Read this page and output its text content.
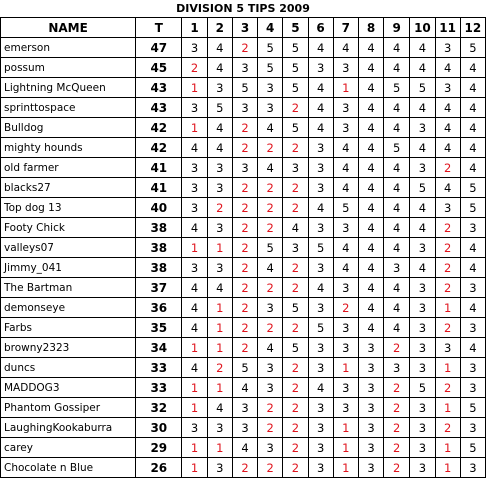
DIVISION 5 TIPS 2009
NAME	T	1	2	3	4	5	6	7	8	9	10	11	12
emerson	47	3	4	2	5	5	4	4	4	4	4	3	5
possum	45	2	4	3	5	5	3	3	4	4	4	4	4
Lightning McQueen	43	1	3	5	3	5	4	1	4	5	5	3	4
sprinttospace	43	3	5	3	3	2	4	3	4	4	4	4	4
Bulldog	42	1	4	2	4	5	4	3	4	4	3	4	4
mighty hounds	42	4	4	2	2	2	3	4	4	5	4	4	4
old farmer	41	3	3	3	4	3	3	4	4	4	3	2	4
blacks27	41	3	3	2	2	2	3	4	4	4	5	4	5
Top dog 13	40	3	2	2	2	2	4	5	4	4	4	3	5
Footy Chick	38	4	3	2	2	4	3	3	4	4	4	2	3
valleys07	38	1	1	2	5	3	5	4	4	4	3	2	4
Jimmy_041	38	3	3	2	4	2	3	4	4	3	4	2	4
The Bartman	37	4	4	2	2	2	4	3	4	4	3	2	3
demonseye	36	4	1	2	3	5	3	2	4	4	3	1	4
Farbs	35	4	1	2	2	2	5	3	4	4	3	2	3
browny2323	34	1	1	2	4	5	3	3	3	2	3	3	4
duncs	33	4	2	5	3	2	3	1	3	3	3	1	3
MADDOG3	33	1	1	4	3	2	4	3	3	2	5	2	3
Phantom Gossiper	32	1	4	3	2	2	3	3	3	2	3	1	5
LaughingKookaburra	30	3	3	3	2	2	3	1	3	2	3	2	3
carey	29	1	1	4	3	2	3	1	3	2	3	1	5
Chocolate n Blue	26	1	3	2	2	2	3	1	3	2	3	1	3
